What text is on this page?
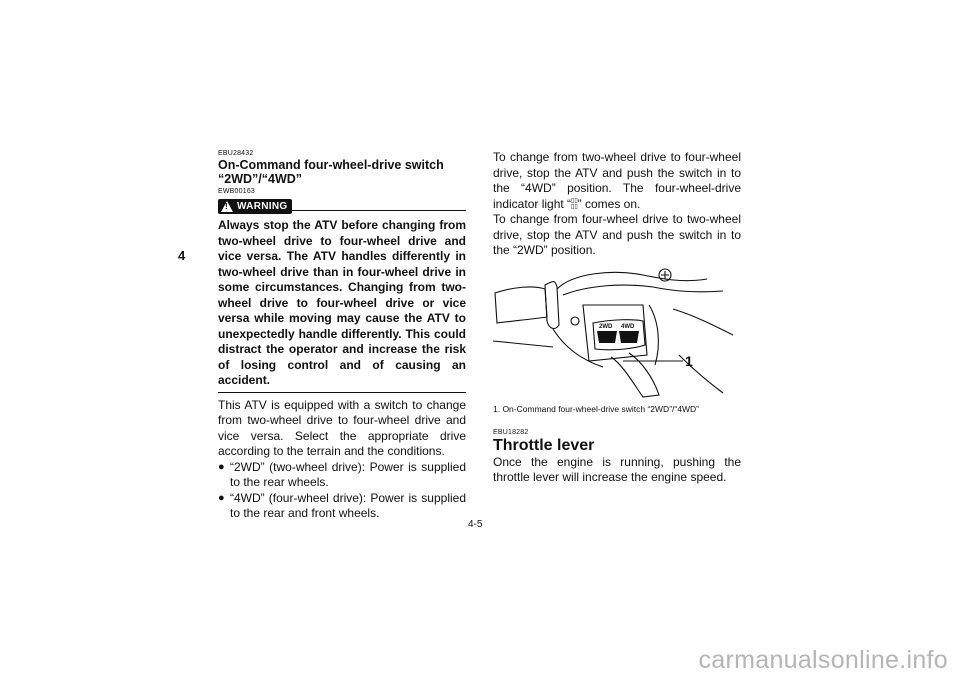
4
EBU28432
On-Command four-wheel-drive switch “2WD”/“4WD”
EWB00163
! WARNING

Always stop the ATV before changing from two-wheel drive to four-wheel drive and vice versa. The ATV handles differently in two-wheel drive than in four-wheel drive in some circumstances. Changing from two-wheel drive to four-wheel drive or vice versa while moving may cause the ATV to unexpectedly handle differently. This could distract the operator and increase the risk of losing control and of causing an accident.

This ATV is equipped with a switch to change from two-wheel drive to four-wheel drive and vice versa. Select the appropriate drive according to the terrain and the conditions.

● “2WD” (two-wheel drive): Power is supplied to the rear wheels.
● “4WD” (four-wheel drive): Power is supplied to the rear and front wheels.

To change from two-wheel drive to four-wheel drive, stop the ATV and push the switch in to the “4WD” position. The four-wheel-drive indicator light “▯▯
▯▯” comes on.

To change from four-wheel drive to two-wheel drive, stop the ATV and push the switch in to the “2WD” position.

2WD 4WD
1
1. On-Command four-wheel-drive switch “2WD”/“4WD”
EBU18282
Throttle lever

Once the engine is running, pushing the throttle lever will increase the engine speed.

4-5
carmanualsonline.info
